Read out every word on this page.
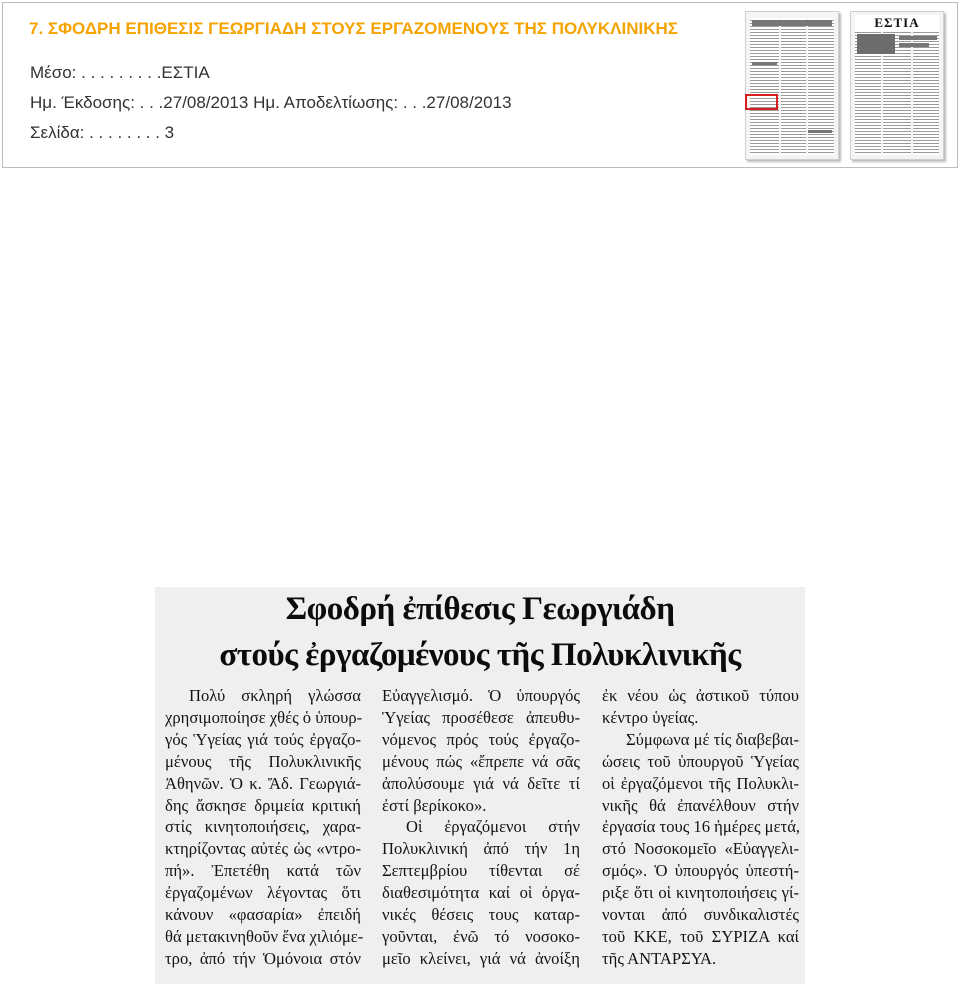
7. ΣΦΟΔΡΗ ΕΠΙΘΕΣΙΣ ΓΕΩΡΓΙΑΔΗ ΣΤΟΥΣ ΕΡΓΑΖΟΜΕΝΟΥΣ ΤΗΣ ΠΟΛΥΚΛΙΝΙΚΗΣ
Μέσο: . . . . . . . . .ΕΣΤΙΑ
Ημ. Έκδοσης: . . .27/08/2013 Ημ. Αποδελτίωσης: . . .27/08/2013
Σελίδα: . . . . . . . . 3
ΕΣΤΙΑ
Σφοδρή ἐπίθεσις Γεωργιάδη
στούς ἐργαζομένους τῆς Πολυκλινικῆς
Πολύ σκληρή γλώσσα
χρησιμοποίησε χθές ὁ ὑπουρ-
γός Ὑγείας γιά τούς ἐργαζο-
μένους τῆς Πολυκλινικῆς
Ἀθηνῶν. Ὁ κ. Ἄδ. Γεωργιά-
δης ἄσκησε δριμεία κριτική
στίς κινητοποιήσεις, χαρα-
κτηρίζοντας αὐτές ὡς «ντρο-
πή». Ἐπετέθη κατά τῶν
ἐργαζομένων λέγοντας ὅτι
κάνουν «φασαρία» ἐπειδή
θά μετακινηθοῦν ἕνα χιλιόμε-
τρο, ἀπό τήν Ὁμόνοια στόν
Εὐαγγελισμό. Ὁ ὑπουργός
Ὑγείας προσέθεσε ἀπευθυ-
νόμενος πρός τούς ἐργαζο-
μένους πώς «ἔπρεπε νά σᾶς
ἀπολύσουμε γιά νά δεῖτε τί
ἐστί βερίκοκο».
Οἱ ἐργαζόμενοι στήν
Πολυκλινική ἀπό τήν 1η
Σεπτεμβρίου τίθενται σέ
διαθεσιμότητα καί οἱ ὀργα-
νικές θέσεις τους καταρ-
γοῦνται, ἐνῶ τό νοσοκο-
μεῖο κλείνει, γιά νά ἀνοίξη
ἐκ νέου ὡς ἀστικοῦ τύπου
κέντρο ὑγείας.
Σύμφωνα μέ τίς διαβεβαι-
ώσεις τοῦ ὑπουργοῦ Ὑγείας
οἱ ἐργαζόμενοι τῆς Πολυκλι-
νικῆς θά ἐπανέλθουν στήν
ἐργασία τους 16 ἡμέρες μετά,
στό Νοσοκομεῖο «Εὐαγγελι-
σμός». Ὁ ὑπουργός ὑπεστή-
ριξε ὅτι οἱ κινητοποιήσεις γί-
νονται ἀπό συνδικαλιστές
τοῦ ΚΚΕ, τοῦ ΣΥΡΙΖΑ καί
τῆς ΑΝΤΑΡΣΥΑ.
